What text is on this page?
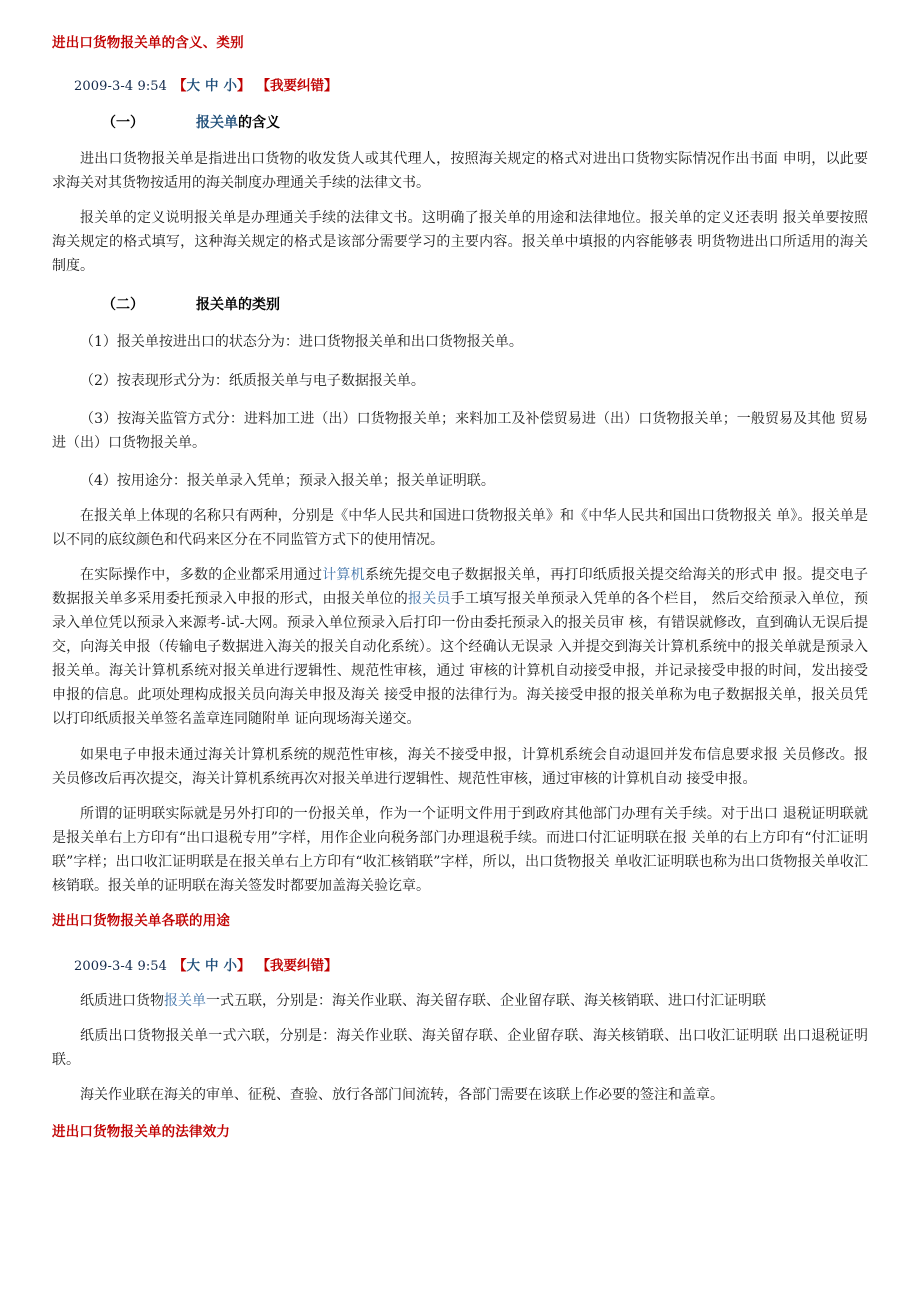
进出口货物报关单的含义、类别
2009-3-4 9:54 【大 中 小】 【我要纠错】
（一）	报关单的含义

进出口货物报关单是指进出口货物的收发货人或其代理人，按照海关规定的格式对进出口货物实际情况作出书面 申明，以此要求海关对其货物按适用的海关制度办理通关手续的法律文书。

报关单的定义说明报关单是办理通关手续的法律文书。这明确了报关单的用途和法律地位。报关单的定义还表明 报关单要按照海关规定的格式填写，这种海关规定的格式是该部分需要学习的主要内容。报关单中填报的内容能够表 明货物进出口所适用的海关制度。

（二）	报关单的类别

（1）报关单按进出口的状态分为：进口货物报关单和出口货物报关单。

（2）按表现形式分为：纸质报关单与电子数据报关单。

（3）按海关监管方式分：进料加工进（出）口货物报关单；来料加工及补偿贸易进（出）口货物报关单；一般贸易及其他 贸易进（出）口货物报关单。

（4）按用途分：报关单录入凭单；预录入报关单；报关单证明联。

在报关单上体现的名称只有两种，分别是《中华人民共和国进口货物报关单》和《中华人民共和国出口货物报关 单》。报关单是以不同的底纹颜色和代码来区分在不同监管方式下的使用情况。

在实际操作中，多数的企业都采用通过计算机系统先提交电子数据报关单，再打印纸质报关提交给海关的形式申 报。提交电子数据报关单多采用委托预录入申报的形式，由报关单位的报关员手工填写报关单预录入凭单的各个栏目， 然后交给预录入单位，预录入单位凭以预录入来源考-试-大网。预录入单位预录入后打印一份由委托预录入的报关员审 核，有错误就修改，直到确认无误后提交，向海关申报（传输电子数据进入海关的报关自动化系统）。这个经确认无误录 入并提交到海关计算机系统中的报关单就是预录入报关单。海关计算机系统对报关单进行逻辑性、规范性审核，通过 审核的计算机自动接受申报，并记录接受申报的时间，发出接受申报的信息。此项处理构成报关员向海关申报及海关 接受申报的法律行为。海关接受申报的报关单称为电子数据报关单，报关员凭以打印纸质报关单签名盖章连同随附单 证向现场海关递交。

如果电子申报未通过海关计算机系统的规范性审核，海关不接受申报，计算机系统会自动退回并发布信息要求报 关员修改。报关员修改后再次提交，海关计算机系统再次对报关单进行逻辑性、规范性审核，通过审核的计算机自动 接受申报。

所谓的证明联实际就是另外打印的一份报关单，作为一个证明文件用于到政府其他部门办理有关手续。对于出口 退税证明联就是报关单右上方印有“出口退税专用”字样，用作企业向税务部门办理退税手续。而进口付汇证明联在报 关单的右上方印有“付汇证明联”字样；出口收汇证明联是在报关单右上方印有“收汇核销联”字样，所以，出口货物报关 单收汇证明联也称为出口货物报关单收汇核销联。报关单的证明联在海关签发时都要加盖海关验讫章。

进出口货物报关单各联的用途
2009-3-4 9:54 【大 中 小】 【我要纠错】

纸质进口货物报关单一式五联，分别是：海关作业联、海关留存联、企业留存联、海关核销联、进口付汇证明联

纸质出口货物报关单一式六联，分别是：海关作业联、海关留存联、企业留存联、海关核销联、出口收汇证明联 出口退税证明联。

海关作业联在海关的审单、征税、查验、放行各部门间流转，各部门需要在该联上作必要的签注和盖章。

进出口货物报关单的法律效力
